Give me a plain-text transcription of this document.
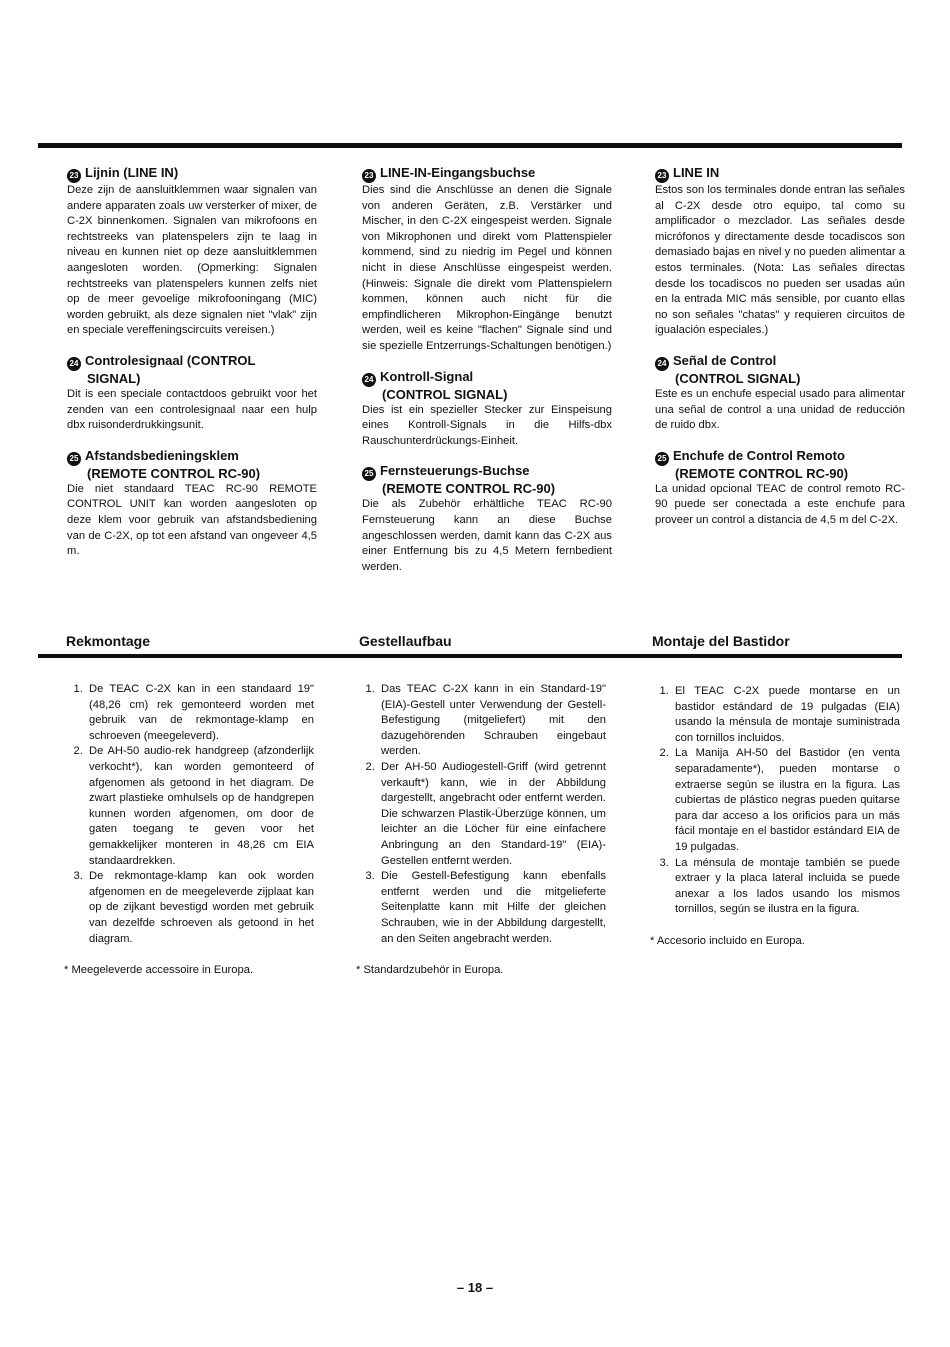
23 Lijnin (LINE IN)

Deze zijn de aansluitklemmen waar signalen van andere apparaten zoals uw versterker of mixer, de C-2X binnenkomen. Signalen van mikrofoons en rechtstreeks van platenspelers zijn te laag in niveau en kunnen niet op deze aansluitklemmen aangesloten worden. (Opmerking: Signalen rechtstreeks van platenspelers kunnen zelfs niet op de meer gevoelige mikrofooningang (MIC) worden gebruikt, als deze signalen niet "vlak" zijn en speciale vereffeningscircuits vereisen.)

24 Controlesignaal (CONTROL
SIGNAL)

Dit is een speciale contactdoos gebruikt voor het zenden van een controlesignaal naar een hulp dbx ruisonderdrukkingsunit.

25 Afstandsbedieningsklem
(REMOTE CONTROL RC-90)

Die niet standaard TEAC RC-90 REMOTE CONTROL UNIT kan worden aangesloten op deze klem voor gebruik van afstandsbediening van de C-2X, op tot een afstand van ongeveer 4,5 m.

23 LINE-IN-Eingangsbuchse

Dies sind die Anschlüsse an denen die Signale von anderen Geräten, z.B. Verstärker und Mischer, in den C-2X eingespeist werden. Signale von Mikrophonen und direkt vom Plattenspieler kommend, sind zu niedrig im Pegel und können nicht in diese Anschlüsse eingespeist werden. (Hinweis: Signale die direkt vom Plattenspielern kommen, können auch nicht für die empfindlicheren Mikrophon-Eingänge benutzt werden, weil es keine "flachen" Signale sind und sie spezielle Entzerrungs-Schaltungen benötigen.)

24 Kontroll-Signal
(CONTROL SIGNAL)

Dies ist ein spezieller Stecker zur Einspeisung eines Kontroll-Signals in die Hilfs-dbx Rauschunterdrückungs-Einheit.

25 Fernsteuerungs-Buchse
(REMOTE CONTROL RC-90)

Die als Zubehör erhältliche TEAC RC-90 Fernsteuerung kann an diese Buchse angeschlossen werden, damit kann das C-2X aus einer Entfernung bis zu 4,5 Metern fernbedient werden.

23 LINE IN

Estos son los terminales donde entran las señales al C-2X desde otro equipo, tal como su amplificador o mezclador. Las señales desde micrófonos y directamente desde tocadiscos son demasiado bajas en nivel y no pueden alimentar a estos terminales. (Nota: Las señales directas desde los tocadiscos no pueden ser usadas aún en la entrada MIC más sensible, por cuanto ellas no son señales "chatas" y requieren circuitos de igualación especiales.)

24 Señal de Control
(CONTROL SIGNAL)

Este es un enchufe especial usado para alimentar una señal de control a una unidad de reducción de ruido dbx.

25 Enchufe de Control Remoto
(REMOTE CONTROL RC-90)

La unidad opcional TEAC de control remoto RC-90 puede ser conectada a este enchufe para proveer un control a distancia de 4,5 m del C-2X.

Rekmontage	Gestellaufbau	Montaje del Bastidor
1. De TEAC C-2X kan in een standaard 19" (48,26 cm) rek gemonteerd worden met gebruik van de rekmontage-klamp en schroeven (meegeleverd).
2. De AH-50 audio-rek handgreep (afzonderlijk verkocht*), kan worden gemonteerd of afgenomen als getoond in het diagram. De zwart plastieke omhulsels op de handgrepen kunnen worden afgenomen, om door de gaten toegang te geven voor het gemakkelijker monteren in 48,26 cm EIA standaardrekken.
3. De rekmontage-klamp kan ook worden afgenomen en de meegeleverde zijplaat kan op de zijkant bevestigd worden met gebruik van dezelfde schroeven als getoond in het diagram.

* Meegeleverde accessoire in Europa.

1. Das TEAC C-2X kann in ein Standard-19" (EIA)-Gestell unter Verwendung der Gestell-Befestigung (mitgeliefert) mit den dazugehörenden Schrauben eingebaut werden.
2. Der AH-50 Audiogestell-Griff (wird getrennt verkauft*) kann, wie in der Abbildung dargestellt, angebracht oder entfernt werden. Die schwarzen Plastik-Überzüge können, um leichter an die Löcher für eine einfachere Anbringung an den Standard-19" (EIA)-Gestellen entfernt werden.
3. Die Gestell-Befestigung kann ebenfalls entfernt werden und die mitgelieferte Seitenplatte kann mit Hilfe der gleichen Schrauben, wie in der Abbildung dargestellt, an den Seiten angebracht werden.

* Standardzubehör in Europa.

1. El TEAC C-2X puede montarse en un bastidor estándard de 19 pulgadas (EIA) usando la ménsula de montaje suministrada con tornillos incluidos.
2. La Manija AH-50 del Bastidor (en venta separadamente*), pueden montarse o extraerse según se ilustra en la figura. Las cubiertas de plástico negras pueden quitarse para dar acceso a los orificios para un más fácil montaje en el bastidor estándard EIA de 19 pulgadas.
3. La ménsula de montaje también se puede extraer y la placa lateral incluida se puede anexar a los lados usando los mismos tornillos, según se ilustra en la figura.

* Accesorio incluido en Europa.

– 18 –
